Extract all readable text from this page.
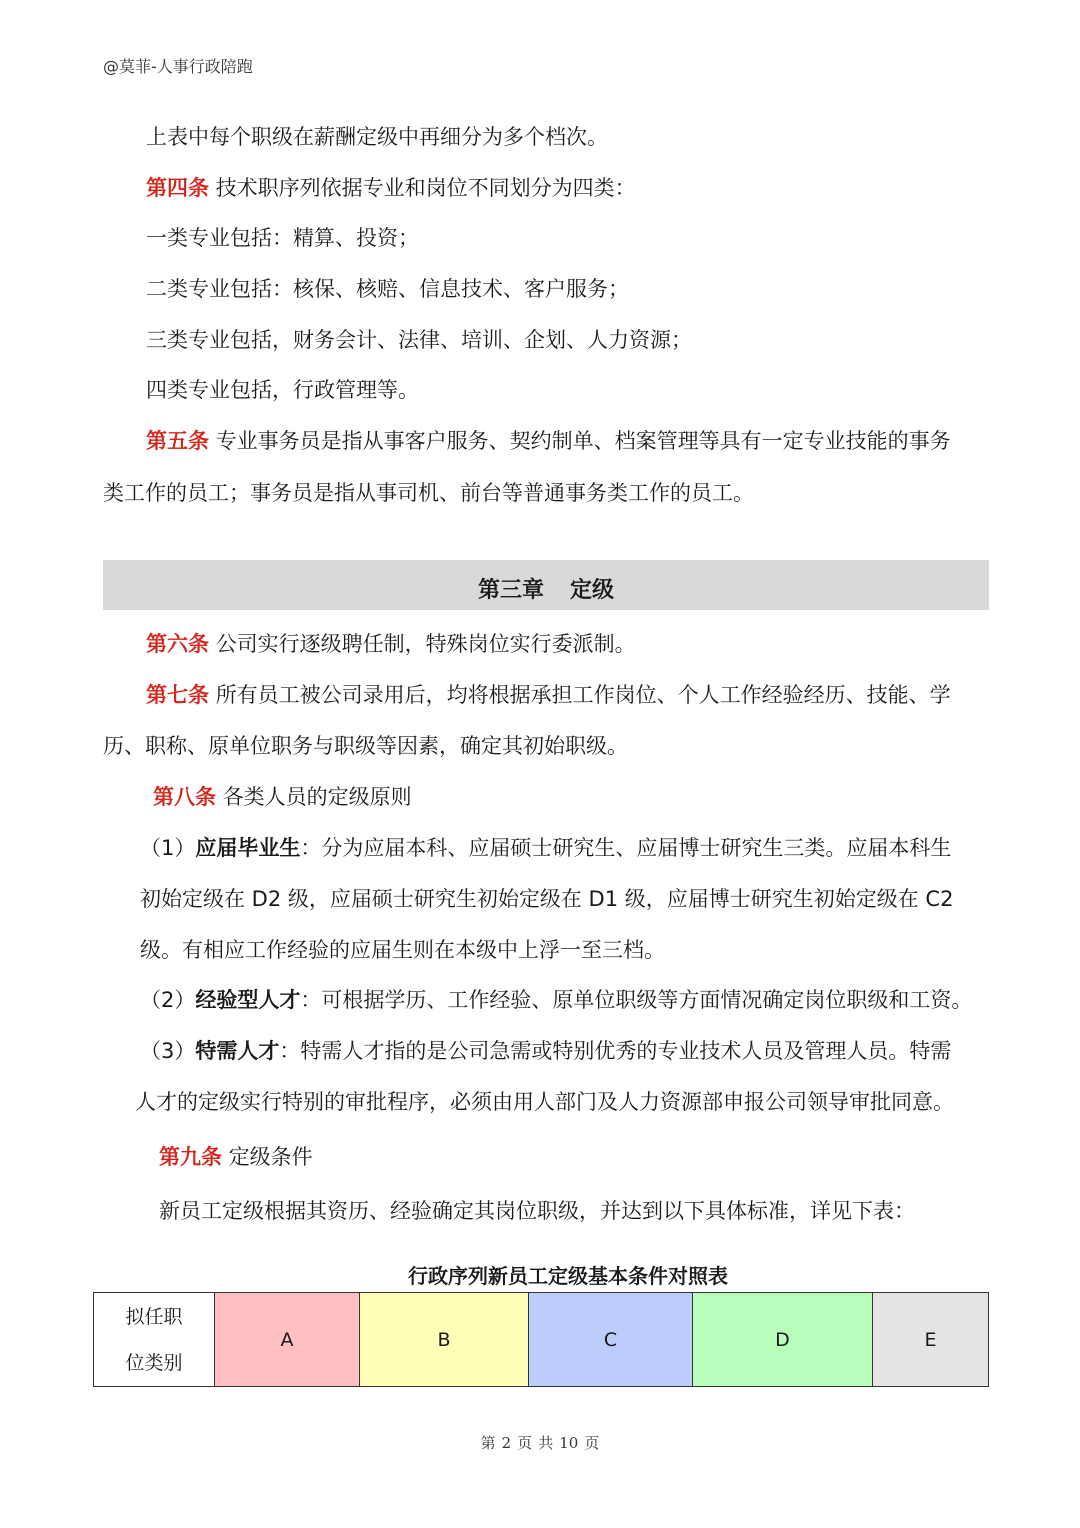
@莫菲-人事行政陪跑
上表中每个职级在薪酬定级中再细分为多个档次。
第四条 技术职序列依据专业和岗位不同划分为四类：
一类专业包括：精算、投资；
二类专业包括：核保、核赔、信息技术、客户服务；
三类专业包括，财务会计、法律、培训、企划、人力资源；
四类专业包括，行政管理等。
第五条 专业事务员是指从事客户服务、契约制单、档案管理等具有一定专业技能的事务
类工作的员工；事务员是指从事司机、前台等普通事务类工作的员工。
第三章 定级
第六条 公司实行逐级聘任制，特殊岗位实行委派制。
第七条 所有员工被公司录用后，均将根据承担工作岗位、个人工作经验经历、技能、学
历、职称、原单位职务与职级等因素，确定其初始职级。
第八条 各类人员的定级原则
（1）应届毕业生：分为应届本科、应届硕士研究生、应届博士研究生三类。应届本科生
初始定级在 D2 级，应届硕士研究生初始定级在 D1 级，应届博士研究生初始定级在 C2
级。有相应工作经验的应届生则在本级中上浮一至三档。
（2）经验型人才：可根据学历、工作经验、原单位职级等方面情况确定岗位职级和工资。
（3）特需人才：特需人才指的是公司急需或特别优秀的专业技术人员及管理人员。特需
人才的定级实行特别的审批程序，必须由用人部门及人力资源部申报公司领导审批同意。
第九条 定级条件
新员工定级根据其资历、经验确定其岗位职级，并达到以下具体标准，详见下表：
行政序列新员工定级基本条件对照表
拟任职
位类别
	A	B	C	D	E
第 2 页 共 10 页
